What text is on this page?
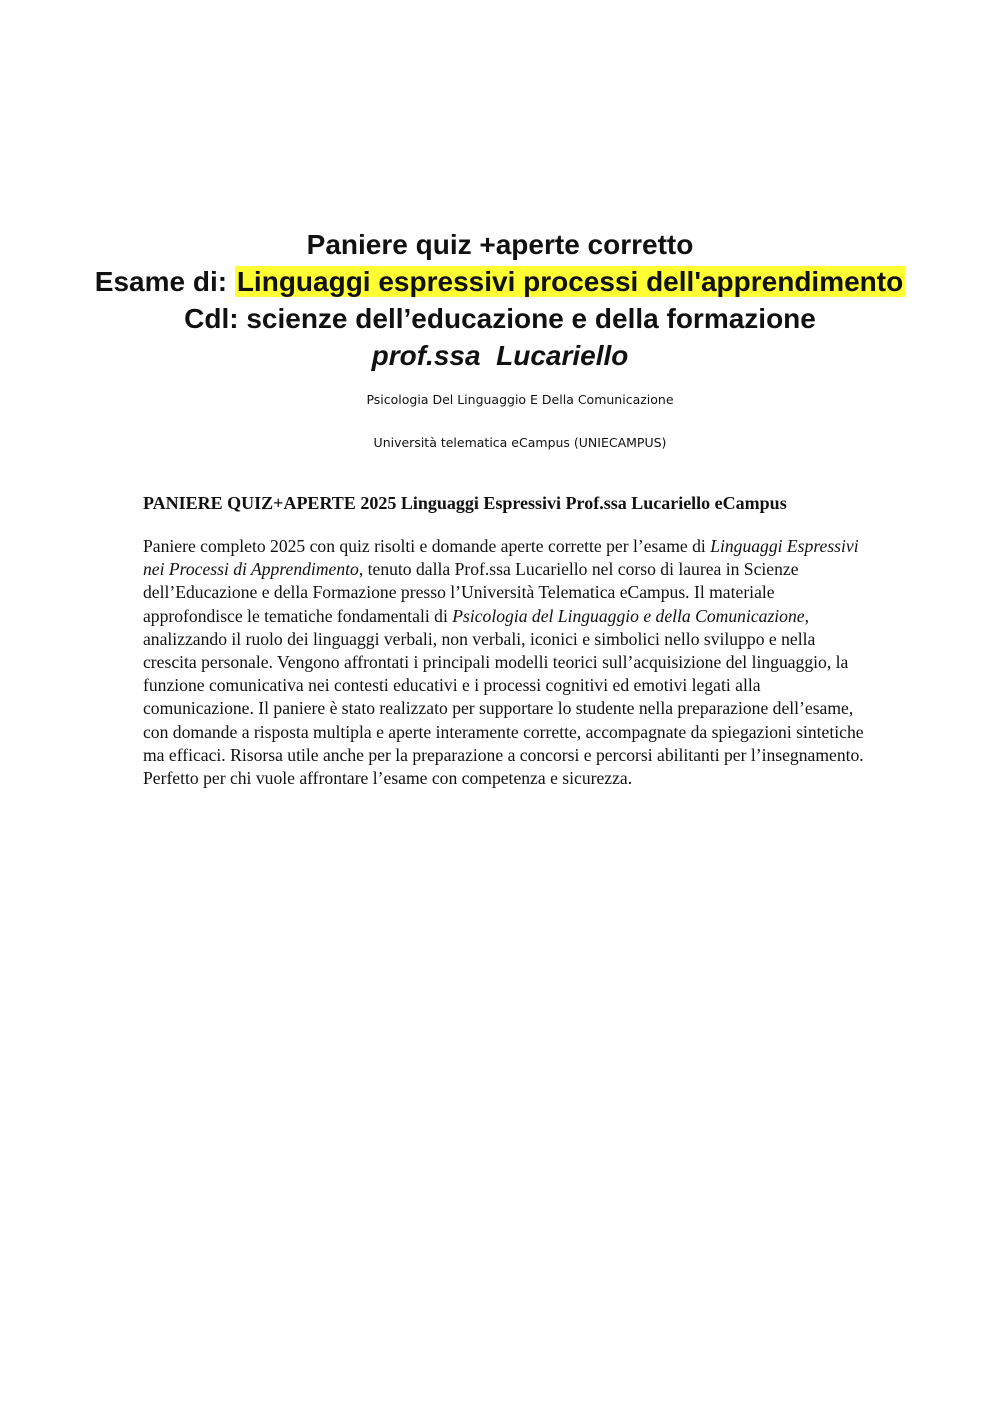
Paniere quiz +aperte corretto
Esame di: Linguaggi espressivi processi dell'apprendimento
Cdl: scienze dell’educazione e della formazione
prof.ssa  Lucariello
Psicologia Del Linguaggio E Della Comunicazione
Università telematica eCampus (UNIECAMPUS)

PANIERE QUIZ+APERTE 2025 Linguaggi Espressivi Prof.ssa Lucariello eCampus

Paniere completo 2025 con quiz risolti e domande aperte corrette per l’esame di Linguaggi Espressivi nei Processi di Apprendimento, tenuto dalla Prof.ssa Lucariello nel corso di laurea in Scienze dell’Educazione e della Formazione presso l’Università Telematica eCampus. Il materiale approfondisce le tematiche fondamentali di Psicologia del Linguaggio e della Comunicazione, analizzando il ruolo dei linguaggi verbali, non verbali, iconici e simbolici nello sviluppo e nella crescita personale. Vengono affrontati i principali modelli teorici sull’acquisizione del linguaggio, la funzione comunicativa nei contesti educativi e i processi cognitivi ed emotivi legati alla comunicazione. Il paniere è stato realizzato per supportare lo studente nella preparazione dell’esame, con domande a risposta multipla e aperte interamente corrette, accompagnate da spiegazioni sintetiche ma efficaci. Risorsa utile anche per la preparazione a concorsi e percorsi abilitanti per l’insegnamento. Perfetto per chi vuole affrontare l’esame con competenza e sicurezza.
